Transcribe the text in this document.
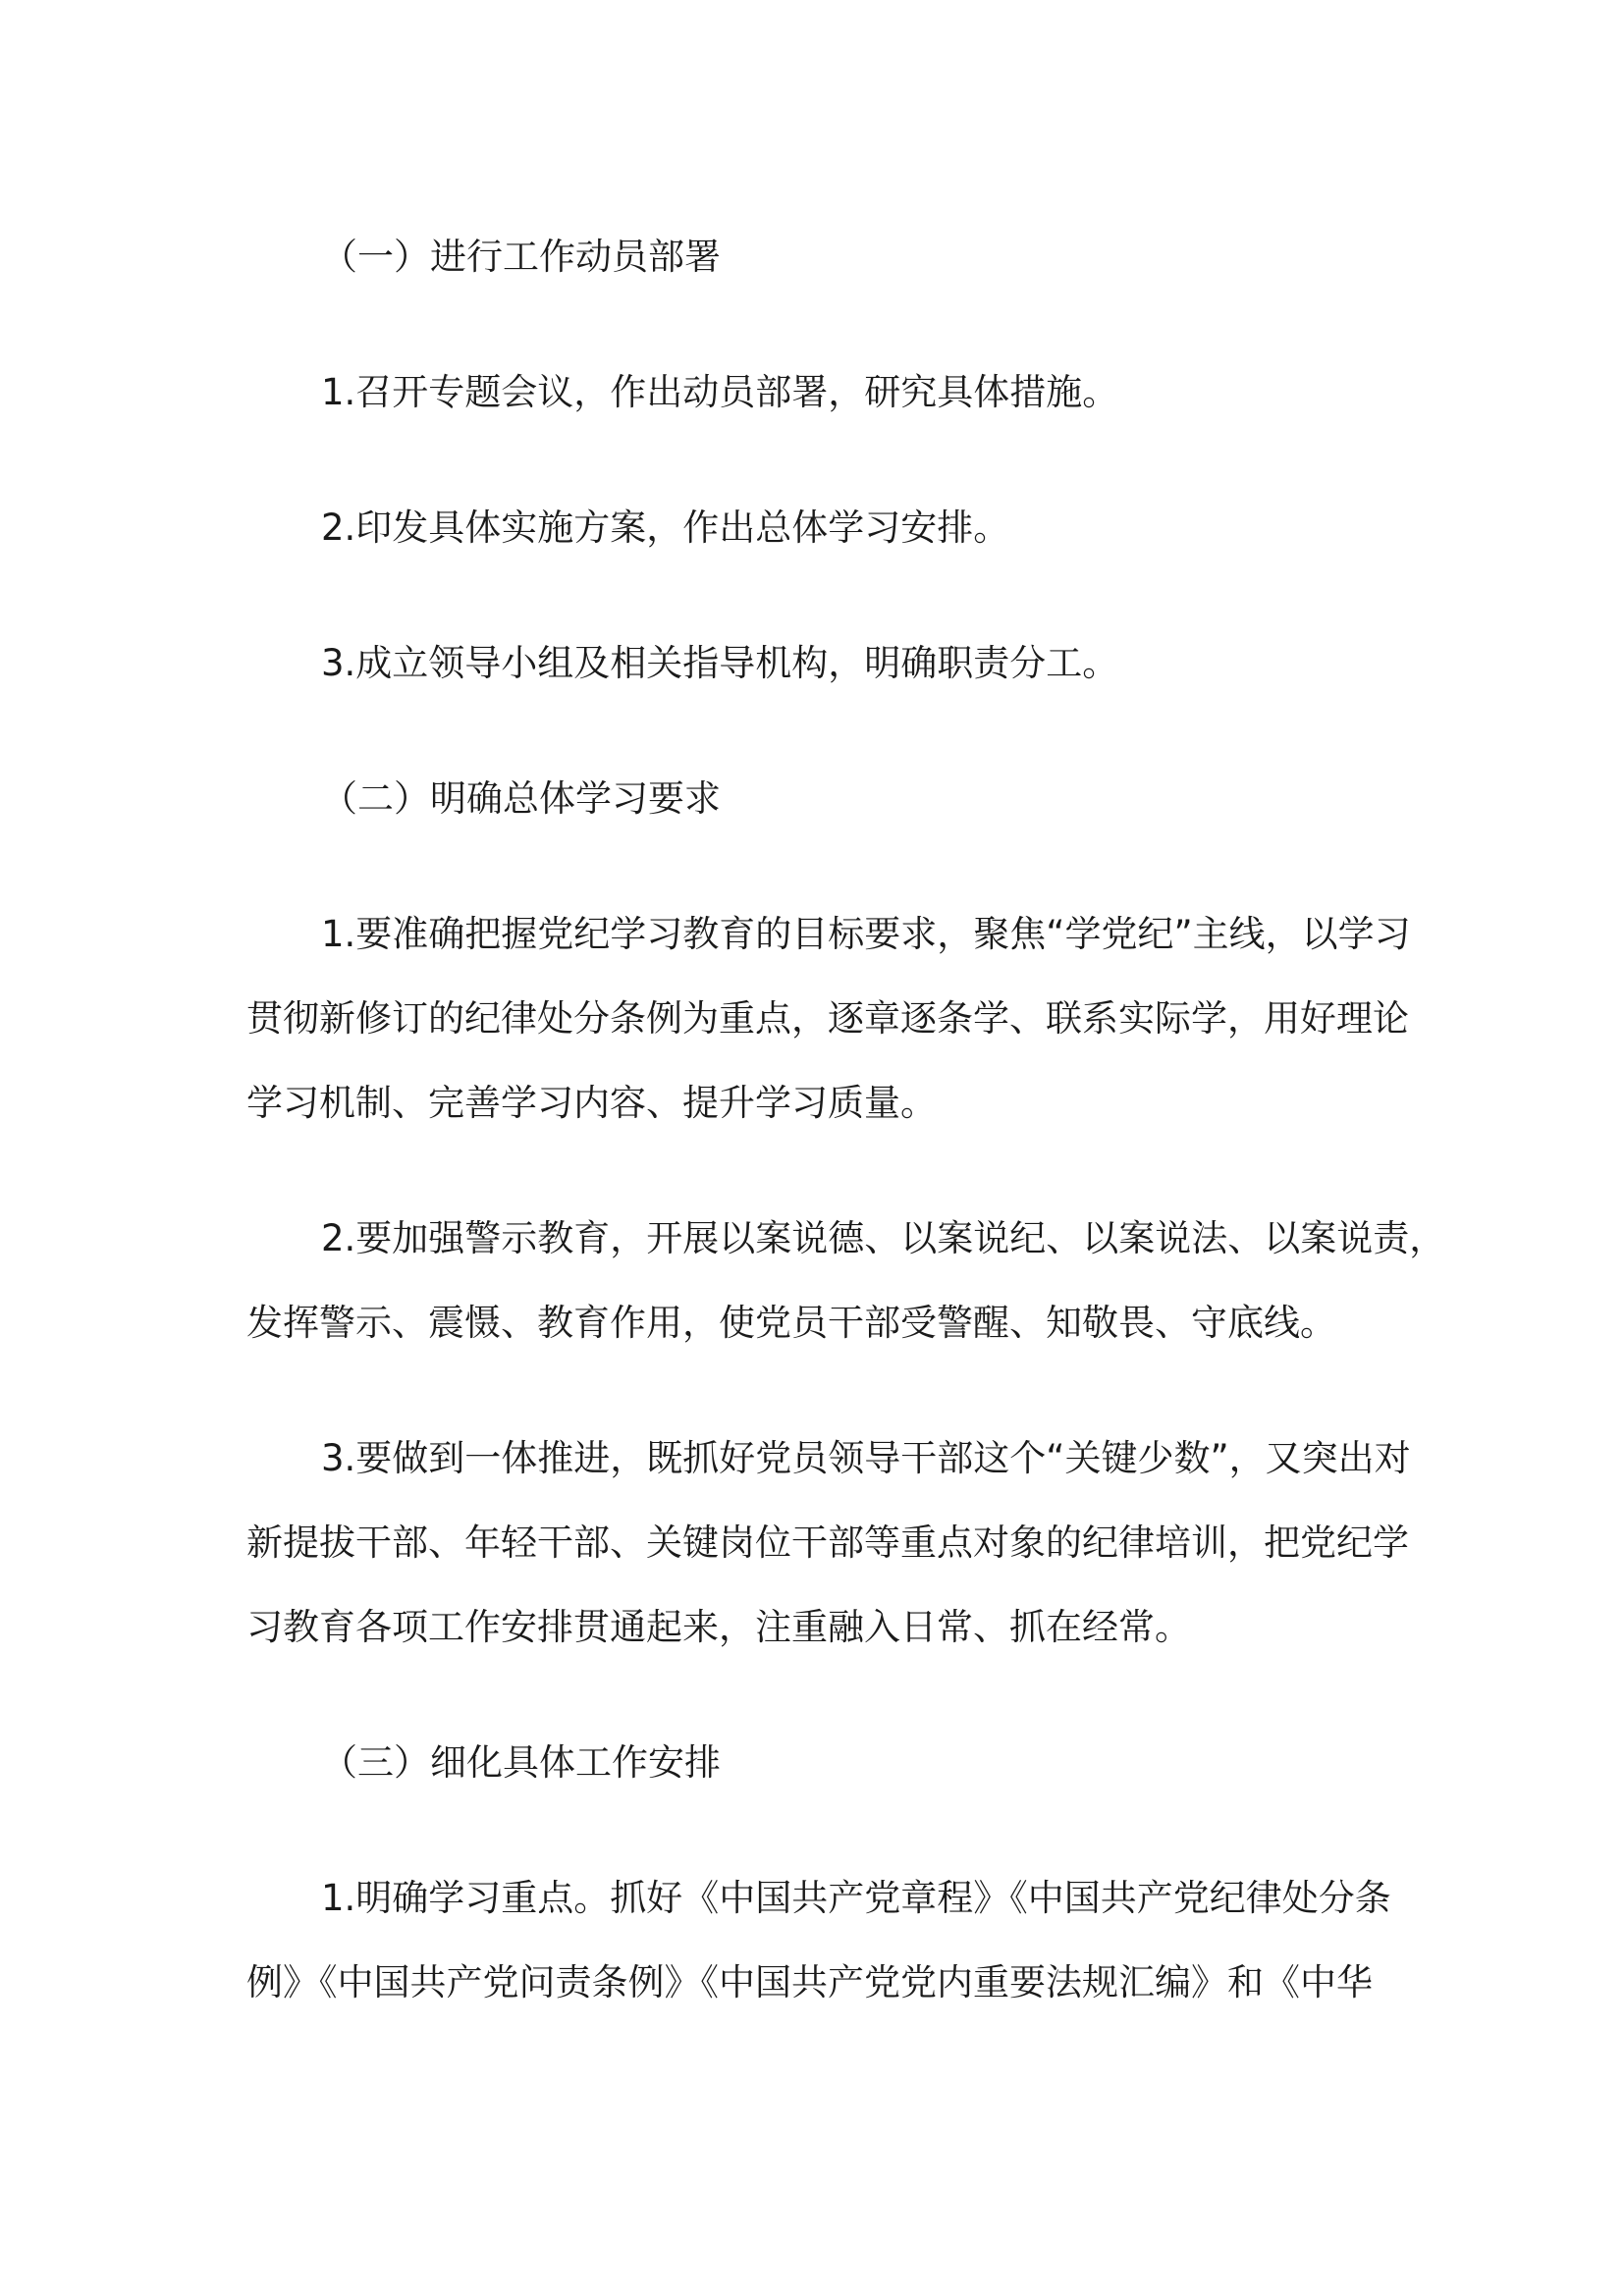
（一）进行工作动员部署
1.召开专题会议，作出动员部署，研究具体措施。
2.印发具体实施方案，作出总体学习安排。
3.成立领导小组及相关指导机构，明确职责分工。
（二）明确总体学习要求
1.要准确把握党纪学习教育的目标要求，聚焦“学党纪”主线，以学习
贯彻新修订的纪律处分条例为重点，逐章逐条学、联系实际学，用好理论
学习机制、完善学习内容、提升学习质量。
2.要加强警示教育，开展以案说德、以案说纪、以案说法、以案说责，
发挥警示、震慑、教育作用，使党员干部受警醒、知敬畏、守底线。
3.要做到一体推进，既抓好党员领导干部这个“关键少数”，又突出对
新提拔干部、年轻干部、关键岗位干部等重点对象的纪律培训，把党纪学
习教育各项工作安排贯通起来，注重融入日常、抓在经常。
（三）细化具体工作安排
1.明确学习重点。抓好《中国共产党章程》《中国共产党纪律处分条
例》《中国共产党问责条例》《中国共产党党内重要法规汇编》和《中华
